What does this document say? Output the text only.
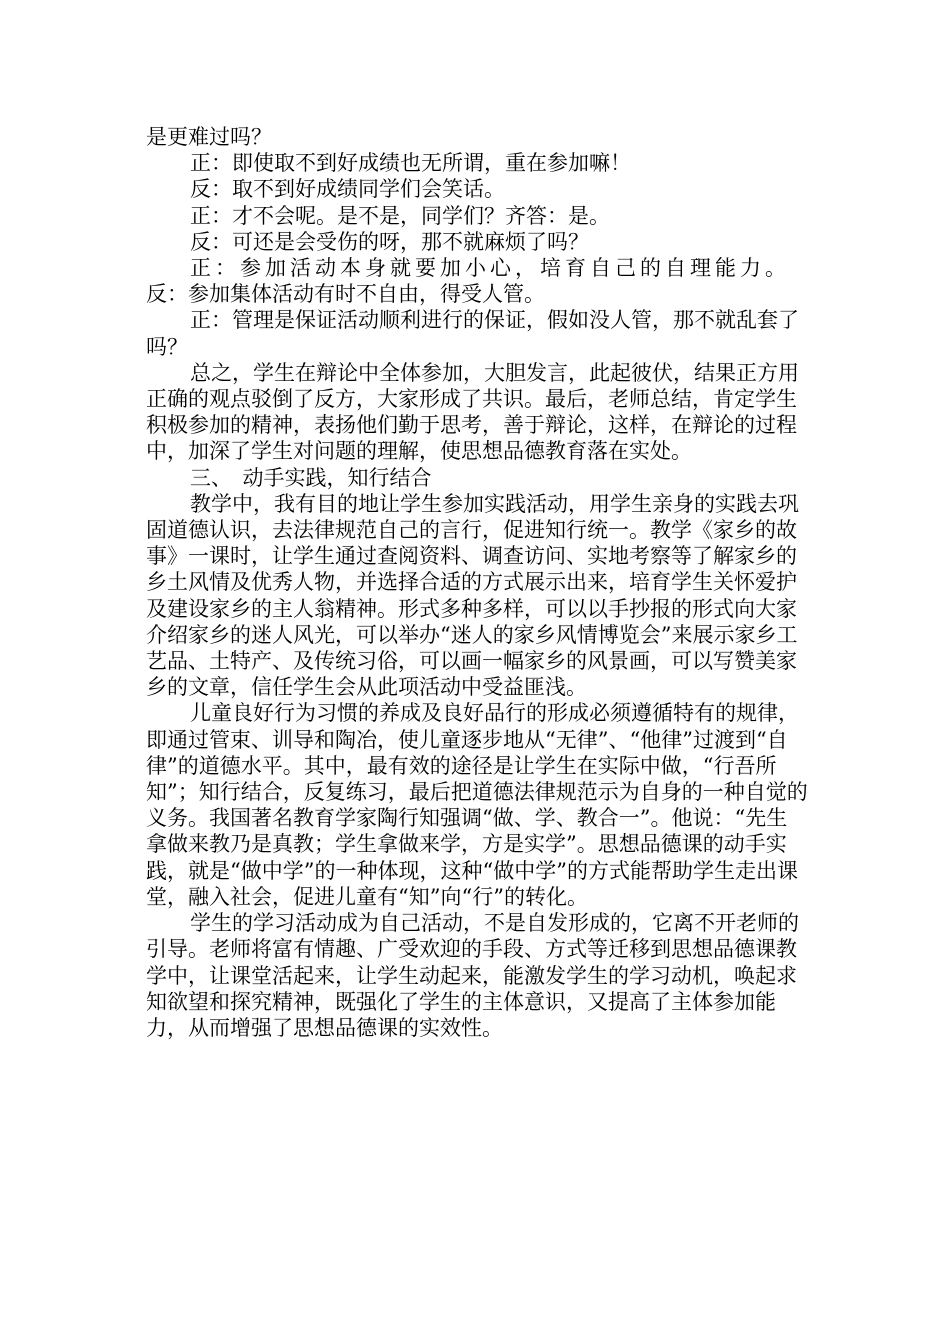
是更难过吗？

正：即使取不到好成绩也无所谓，重在参加嘛！

反：取不到好成绩同学们会笑话。

正：才不会呢。是不是，同学们？齐答：是。

反：可还是会受伤的呀，那不就麻烦了吗？

正：参加活动本身就要加小心，培育自己的自理能力。

反：参加集体活动有时不自由，得受人管。

正：管理是保证活动顺利进行的保证，假如没人管，那不就乱套了吗？

总之，学生在辩论中全体参加，大胆发言，此起彼伏，结果正方用正确的观点驳倒了反方，大家形成了共识。最后，老师总结，肯定学生积极参加的精神，表扬他们勤于思考，善于辩论，这样，在辩论的过程中，加深了学生对问题的理解，使思想品德教育落在实处。

三、　动手实践，知行结合

教学中，我有目的地让学生参加实践活动，用学生亲身的实践去巩固道德认识，去法律规范自己的言行，促进知行统一。教学《家乡的故事》一课时，让学生通过查阅资料、调查访问、实地考察等了解家乡的乡土风情及优秀人物，并选择合适的方式展示出来，培育学生关怀爱护及建设家乡的主人翁精神。形式多种多样，可以以手抄报的形式向大家介绍家乡的迷人风光，可以举办“迷人的家乡风情博览会”来展示家乡工艺品、土特产、及传统习俗，可以画一幅家乡的风景画，可以写赞美家乡的文章，信任学生会从此项活动中受益匪浅。

儿童良好行为习惯的养成及良好品行的形成必须遵循特有的规律，即通过管束、训导和陶冶，使儿童逐步地从“无律”、“他律”过渡到“自律”的道德水平。其中，最有效的途径是让学生在实际中做，“行吾所知”；知行结合，反复练习，最后把道德法律规范示为自身的一种自觉的义务。我国著名教育学家陶行知强调“做、学、教合一”。他说：“先生拿做来教乃是真教；学生拿做来学，方是实学”。思想品德课的动手实践，就是“做中学”的一种体现，这种“做中学”的方式能帮助学生走出课堂，融入社会，促进儿童有“知”向“行”的转化。

学生的学习活动成为自己活动，不是自发形成的，它离不开老师的引导。老师将富有情趣、广受欢迎的手段、方式等迁移到思想品德课教学中，让课堂活起来，让学生动起来，能激发学生的学习动机，唤起求知欲望和探究精神，既强化了学生的主体意识，又提高了主体参加能力，从而增强了思想品德课的实效性。
